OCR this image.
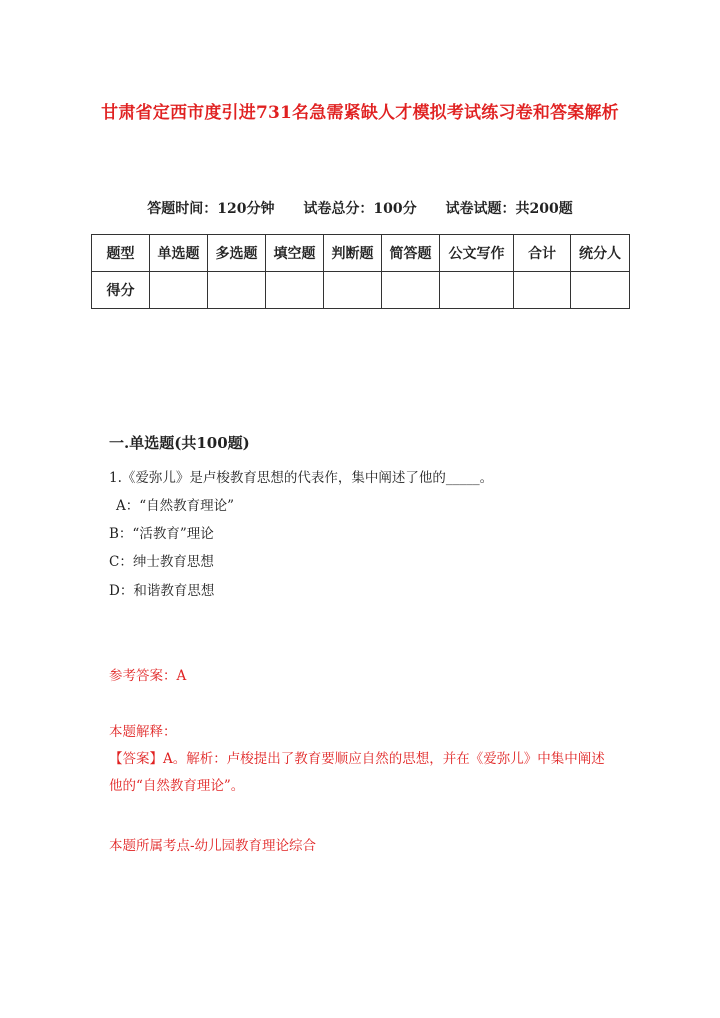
甘肃省定西市度引进731名急需紧缺人才模拟考试练习卷和答案解析
答题时间：120分钟 试卷总分：100分 试卷试题：共200题
题型	单选题	多选题	填空题	判断题	简答题	公文写作	合计	统分人
得分								
一.单选题(共100题)
1.《爱弥儿》是卢梭教育思想的代表作，集中阐述了他的_____。
A：“自然教育理论”
B：“活教育”理论
C：绅士教育思想
D：和谐教育思想
参考答案：A
本题解释：
【答案】A。解析：卢梭提出了教育要顺应自然的思想，并在《爱弥儿》中集中阐述他的“自然教育理论”。
本题所属考点-幼儿园教育理论综合
